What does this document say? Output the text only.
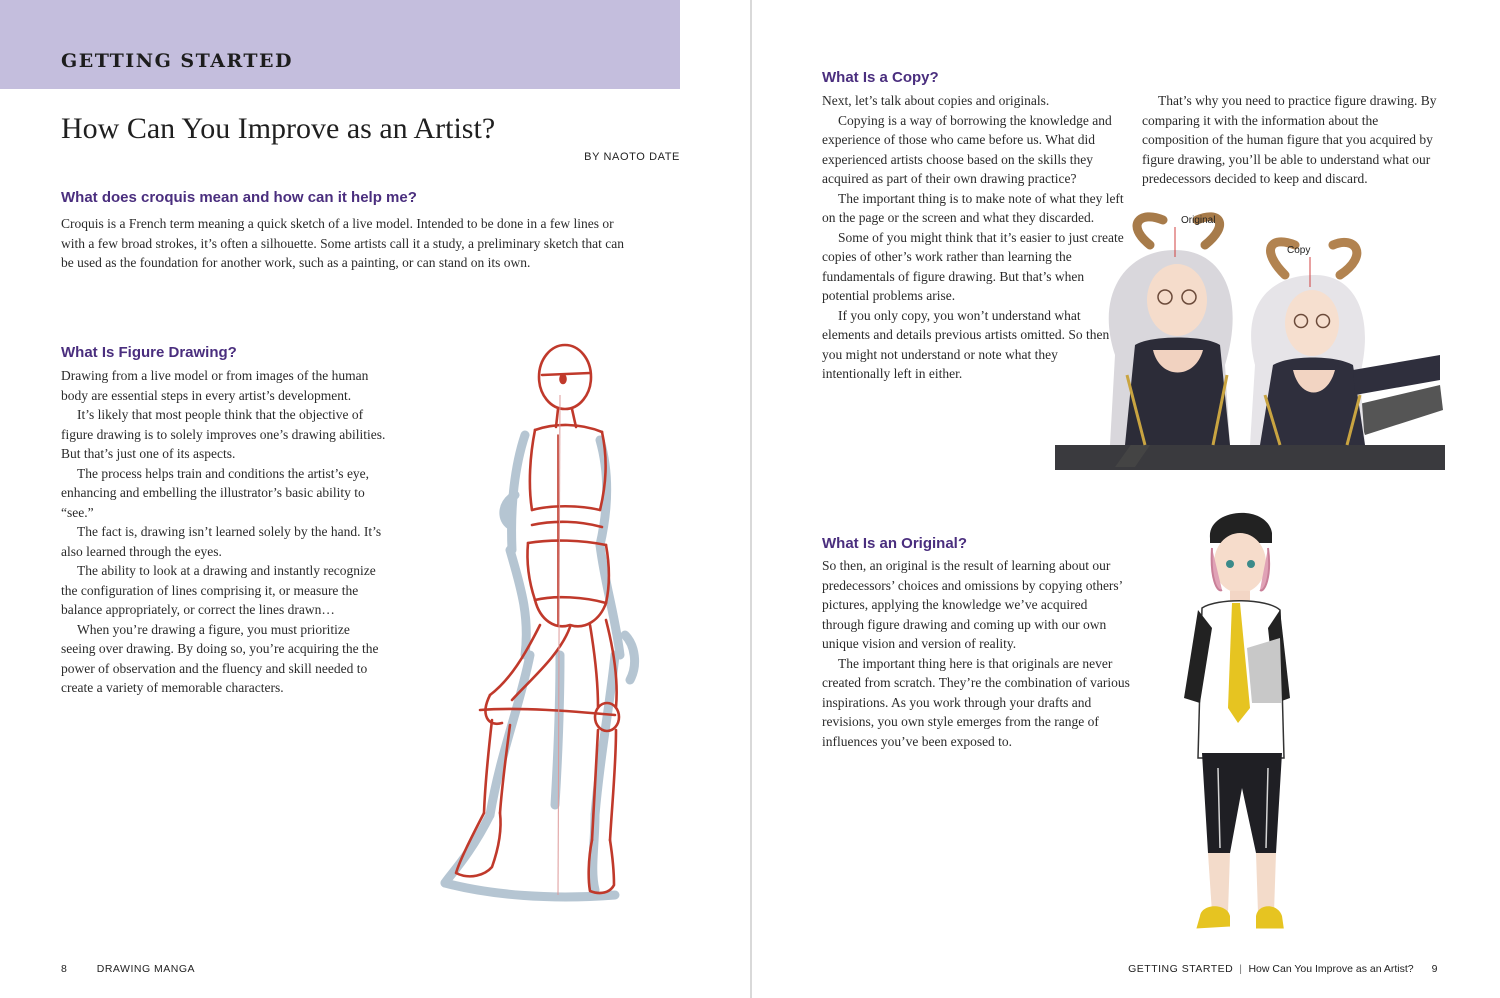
GETTING STARTED
How Can You Improve as an Artist?

BY NAOTO DATE

What does croquis mean and how can it help me?

Croquis is a French term meaning a quick sketch of a live model. Intended to be done in a few lines or with a few broad strokes, it’s often a silhouette. Some artists call it a study, a preliminary sketch that can be used as the foundation for another work, such as a painting, or can stand on its own.

What Is Figure Drawing?

Drawing from a live model or from images of the human body are essential steps in every artist’s development.

It’s likely that most people think that the objective of figure drawing is to solely improves one’s drawing abilities. But that’s just one of its aspects.

The process helps train and conditions the artist’s eye, enhancing and embelling the illustrator’s basic ability to “see.”

The fact is, drawing isn’t learned solely by the hand. It’s also learned through the eyes.

The ability to look at a drawing and instantly recognize the configuration of lines comprising it, or measure the balance appropriately, or correct the lines drawn…

When you’re drawing a figure, you must prioritize seeing over drawing. By doing so, you’re acquiring the the power of observation and the fluency and skill needed to create a variety of memorable characters.

8	DRAWING MANGA

What Is a Copy?

Next, let’s talk about copies and originals.

Copying is a way of borrowing the knowledge and experience of those who came before us. What did experienced artists choose based on the skills they acquired as part of their own drawing practice?

The important thing is to make note of what they left on the page or the screen and what they discarded.

Some of you might think that it’s easier to just create copies of other’s work rather than learning the fundamentals of figure drawing. But that’s when potential problems arise.

If you only copy, you won’t understand what elements and details previous artists omitted. So then you might not understand or note what they intentionally left in either.

That’s why you need to practice figure drawing. By comparing it with the information about the composition of the human figure that you acquired by figure drawing, you’ll be able to understand what our predecessors decided to keep and discard.

Original
Copy
What Is an Original?

So then, an original is the result of learning about our predecessors’ choices and omissions by copying others’ pictures, applying the knowledge we’ve acquired through figure drawing and coming up with our own unique vision and version of reality.

The important thing here is that originals are never created from scratch. They’re the combination of various inspirations. As you work through your drafts and revisions, you own style emerges from the range of influences you’ve been exposed to.

GETTING STARTED | How Can You Improve as an Artist? 9
